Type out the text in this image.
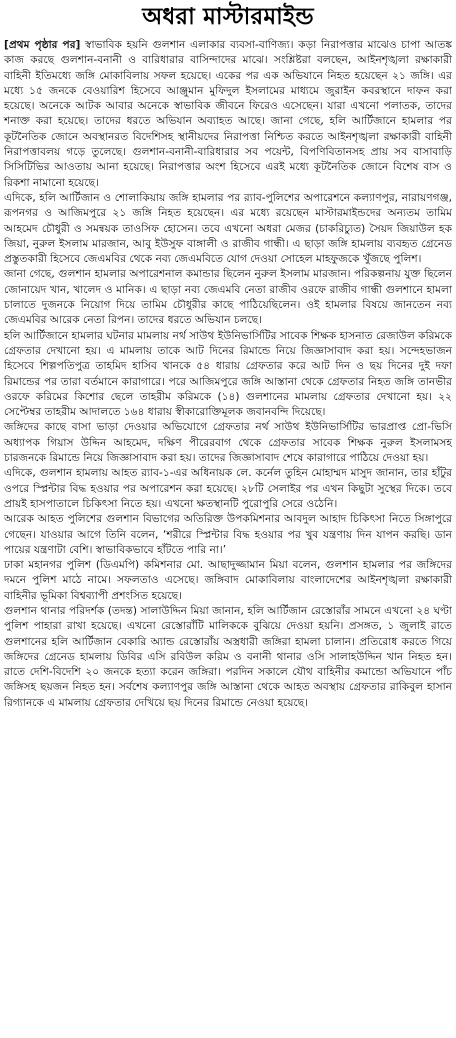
অধরা মাস্টারমাইন্ড

[প্রথম পৃষ্ঠার পর] স্বাভাবিক হয়নি গুলশান এলাকার ব্যবসা-বাণিজ্য। কড়া নিরাপত্তার মাঝেও চাপা আতঙ্ক কাজ করছে গুলশান-বনানী ও বারিধারার বাসিন্দাদের মাঝে। সংশ্লিষ্টরা বলছেন, আইনশৃঙ্খলা রক্ষাকারী বাহিনী ইতিমধ্যে জঙ্গি মোকাবিলায় সফল হয়েছে। একের পর এক অভিযানে নিহত হয়েছেন ২১ জঙ্গি। এর মধ্যে ১৫ জনকে বেওয়ারিশ হিসেবে আঞ্জুমান মুফিদুল ইসলামের মাধ্যমে জুরাইন কবরস্থানে দাফন করা হয়েছে। অনেকে আটক আবার অনেকে স্বাভাবিক জীবনে ফিরেও এসেছেন। যারা এখনো পলাতক, তাদের শনাক্ত করা হয়েছে। তাদের ধরতে অভিযান অব্যাহত আছে। জানা গেছে, হলি আর্টিজানে হামলার পর কূটনৈতিক জোনে অবস্থানরত বিদেশিসহ স্থানীয়দের নিরাপত্তা নিশ্চিত করতে আইনশৃঙ্খলা রক্ষাকারী বাহিনী নিরাপত্তাবলয় গড়ে তুলেছে। গুলশান-বনানী-বারিধারার সব পয়েন্ট, বিপণিবিতানসহ প্রায় সব বাসাবাড়ি সিসিটিভির আওতায় আনা হয়েছে। নিরাপত্তার অংশ হিসেবে এরই মধ্যে কূটনৈতিক জোনে বিশেষ বাস ও রিকশা নামানো হয়েছে।

এদিকে, হলি আর্টিজান ও শোলাকিয়ায় জঙ্গি হামলার পর র‌্যাব-পুলিশের অপারেশনে কল্যাণপুর, নারায়ণগঞ্জ, রূপনগর ও আজিমপুরে ২১ জঙ্গি নিহত হয়েছেন। এর মধ্যে রয়েছেন মাস্টারমাইন্ডদের অন্যতম তামিম আহমেদ চৌধুরী ও সমন্বয়ক তাওসিফ হোসেন। তবে এখনো অধরা মেজর (চাকরিচ্যুত) সৈয়দ জিয়াউল হক জিয়া, নুরুল ইসলাম মারজান, আবু ইউসুফ বাঙ্গালী ও রাজীব গান্ধী। এ ছাড়া জঙ্গি হামলায় ব্যবহৃত গ্রেনেড প্রস্তুতকারী হিসেবে জেএমবির থেকে নব্য জেএমবিতে যোগ দেওয়া সোহেল মাহফুজকে খুঁজছে পুলিশ।

জানা গেছে, গুলশান হামলার অপারেশনাল কমান্ডার ছিলেন নুরুল ইসলাম মারজান। পরিকল্পনায় যুক্ত ছিলেন জোনায়েদ খান, খালেদ ও মানিক। এ ছাড়া নব্য জেএমবি নেতা রাজীব ওরফে রাজীব গান্ধী গুলশানে হামলা চালাতে দুজনকে নিয়োগ দিয়ে তামিম চৌধুরীর কাছে পাঠিয়েছিলেন। ওই হামলার বিষয়ে জানতেন নব্য জেএমবির আরেক নেতা রিপন। তাদের ধরতে অভিযান চলছে।

হলি আর্টিজানে হামলার ঘটনার মামলায় নর্থ সাউথ ইউনিভার্সিটির সাবেক শিক্ষক হাসনাত রেজাউল করিমকে গ্রেফতার দেখানো হয়। এ মামলায় তাকে আট দিনের রিমান্ডে নিয়ে জিজ্ঞাসাবাদ করা হয়। সন্দেহভাজন হিসেবে শিল্পপতিপুত্র তাহমিদ হাসিব খানকে ৫৪ ধারায় গ্রেফতার করে আট দিন ও ছয় দিনের দুই দফা রিমান্ডের পর তারা বর্তমানে কারাগারে। পরে আজিমপুরে জঙ্গি আস্তানা থেকে গ্রেফতার নিহত জঙ্গি তানভীর ওরফে করিমের কিশোর ছেলে তাহরীম করিমকে (১৪) গুলশানের মামলায় গ্রেফতার দেখানো হয়। ২২ সেপ্টেম্বর তাহরীম আদালতে ১৬৪ ধারায় স্বীকারোক্তিমূলক জবানবন্দি দিয়েছে।

জঙ্গিদের কাছে বাসা ভাড়া দেওয়ার অভিযোগে গ্রেফতার নর্থ সাউথ ইউনিভার্সিটির ভারপ্রাপ্ত প্রো-ভিসি অধ্যাপক গিয়াস উদ্দিন আহমেদ, দক্ষিণ পীরেরবাগ থেকে গ্রেফতার সাবেক শিক্ষক নুরুল ইসলামসহ চারজনকে রিমান্ডে নিয়ে জিজ্ঞাসাবাদ করা হয়। তাদের জিজ্ঞাসাবাদ শেষে কারাগারে পাঠিয়ে দেওয়া হয়।

এদিকে, গুলশান হামলায় আহত র‌্যাব-১-এর অধিনায়ক লে. কর্নেল তুহিন মোহাম্মদ মাসুদ জানান, তার হাঁটুর ওপরে স্প্লিন্টার বিদ্ধ হওয়ার পর অপারেশন করা হয়েছে। ২৮টি সেলাইর পর এখন কিছুটা সুস্থের দিকে। তবে প্রায়ই হাসপাতালে চিকিৎসা নিতে হয়। এখনো ক্ষতস্থানটি পুরোপুরি সেরে ওঠেনি।

আরেক আহত পুলিশের গুলশান বিভাগের অতিরিক্ত উপকমিশনার আবদুল আহাদ চিকিৎসা নিতে সিঙ্গাপুরে গেছেন। যাওয়ার আগে তিনি বলেন, ‘শরীরে স্প্লিন্টার বিদ্ধ হওয়ার পর খুব যন্ত্রণায় দিন যাপন করছি। ডান পায়ের যন্ত্রণাটা বেশি। স্বাভাবিকভাবে হাঁটতে পারি না।’

ঢাকা মহানগর পুলিশ (ডিএমপি) কমিশনার মো. আছাদুজ্জামান মিয়া বলেন, গুলশান হামলার পর জঙ্গিদের দমনে পুলিশ মাঠে নামে। সফলতাও এসেছে। জঙ্গিবাদ মোকাবিলায় বাংলাদেশের আইনশৃঙ্খলা রক্ষাকারী বাহিনীর ভূমিকা বিশ্বব্যাপী প্রশংসিত হয়েছে।

গুলশান থানার পরিদর্শক (তদন্ত) সালাউদ্দিন মিয়া জানান, হলি আর্টিজান রেস্তোরাঁর সামনে এখনো ২৪ ঘণ্টা পুলিশ পাহারা রাখা হয়েছে। এখনো রেস্তোরাঁটি মালিককে বুঝিয়ে দেওয়া হয়নি। প্রসঙ্গত, ১ জুলাই রাতে গুলশানের হলি আর্টিজান বেকারি অ্যান্ড রেস্তোরাঁয় অস্ত্রধারী জঙ্গিরা হামলা চালান। প্রতিরোধ করতে গিয়ে জঙ্গিদের গ্রেনেড হামলায় ডিবির এসি রবিউল করিম ও বনানী থানার ওসি সালাহউদ্দিন খান নিহত হন। রাতে দেশি-বিদেশি ২০ জনকে হত্যা করেন জঙ্গিরা। পরদিন সকালে যৌথ বাহিনীর কমান্ডো অভিযানে পাঁচ জঙ্গিসহ ছয়জন নিহত হন। সর্বশেষ কল্যাণপুর জঙ্গি আস্তানা থেকে আহত অবস্থায় গ্রেফতার রাকিবুল হাসান রিগ্যানকে এ মামলায় গ্রেফতার দেখিয়ে ছয় দিনের রিমান্ডে নেওয়া হয়েছে।
